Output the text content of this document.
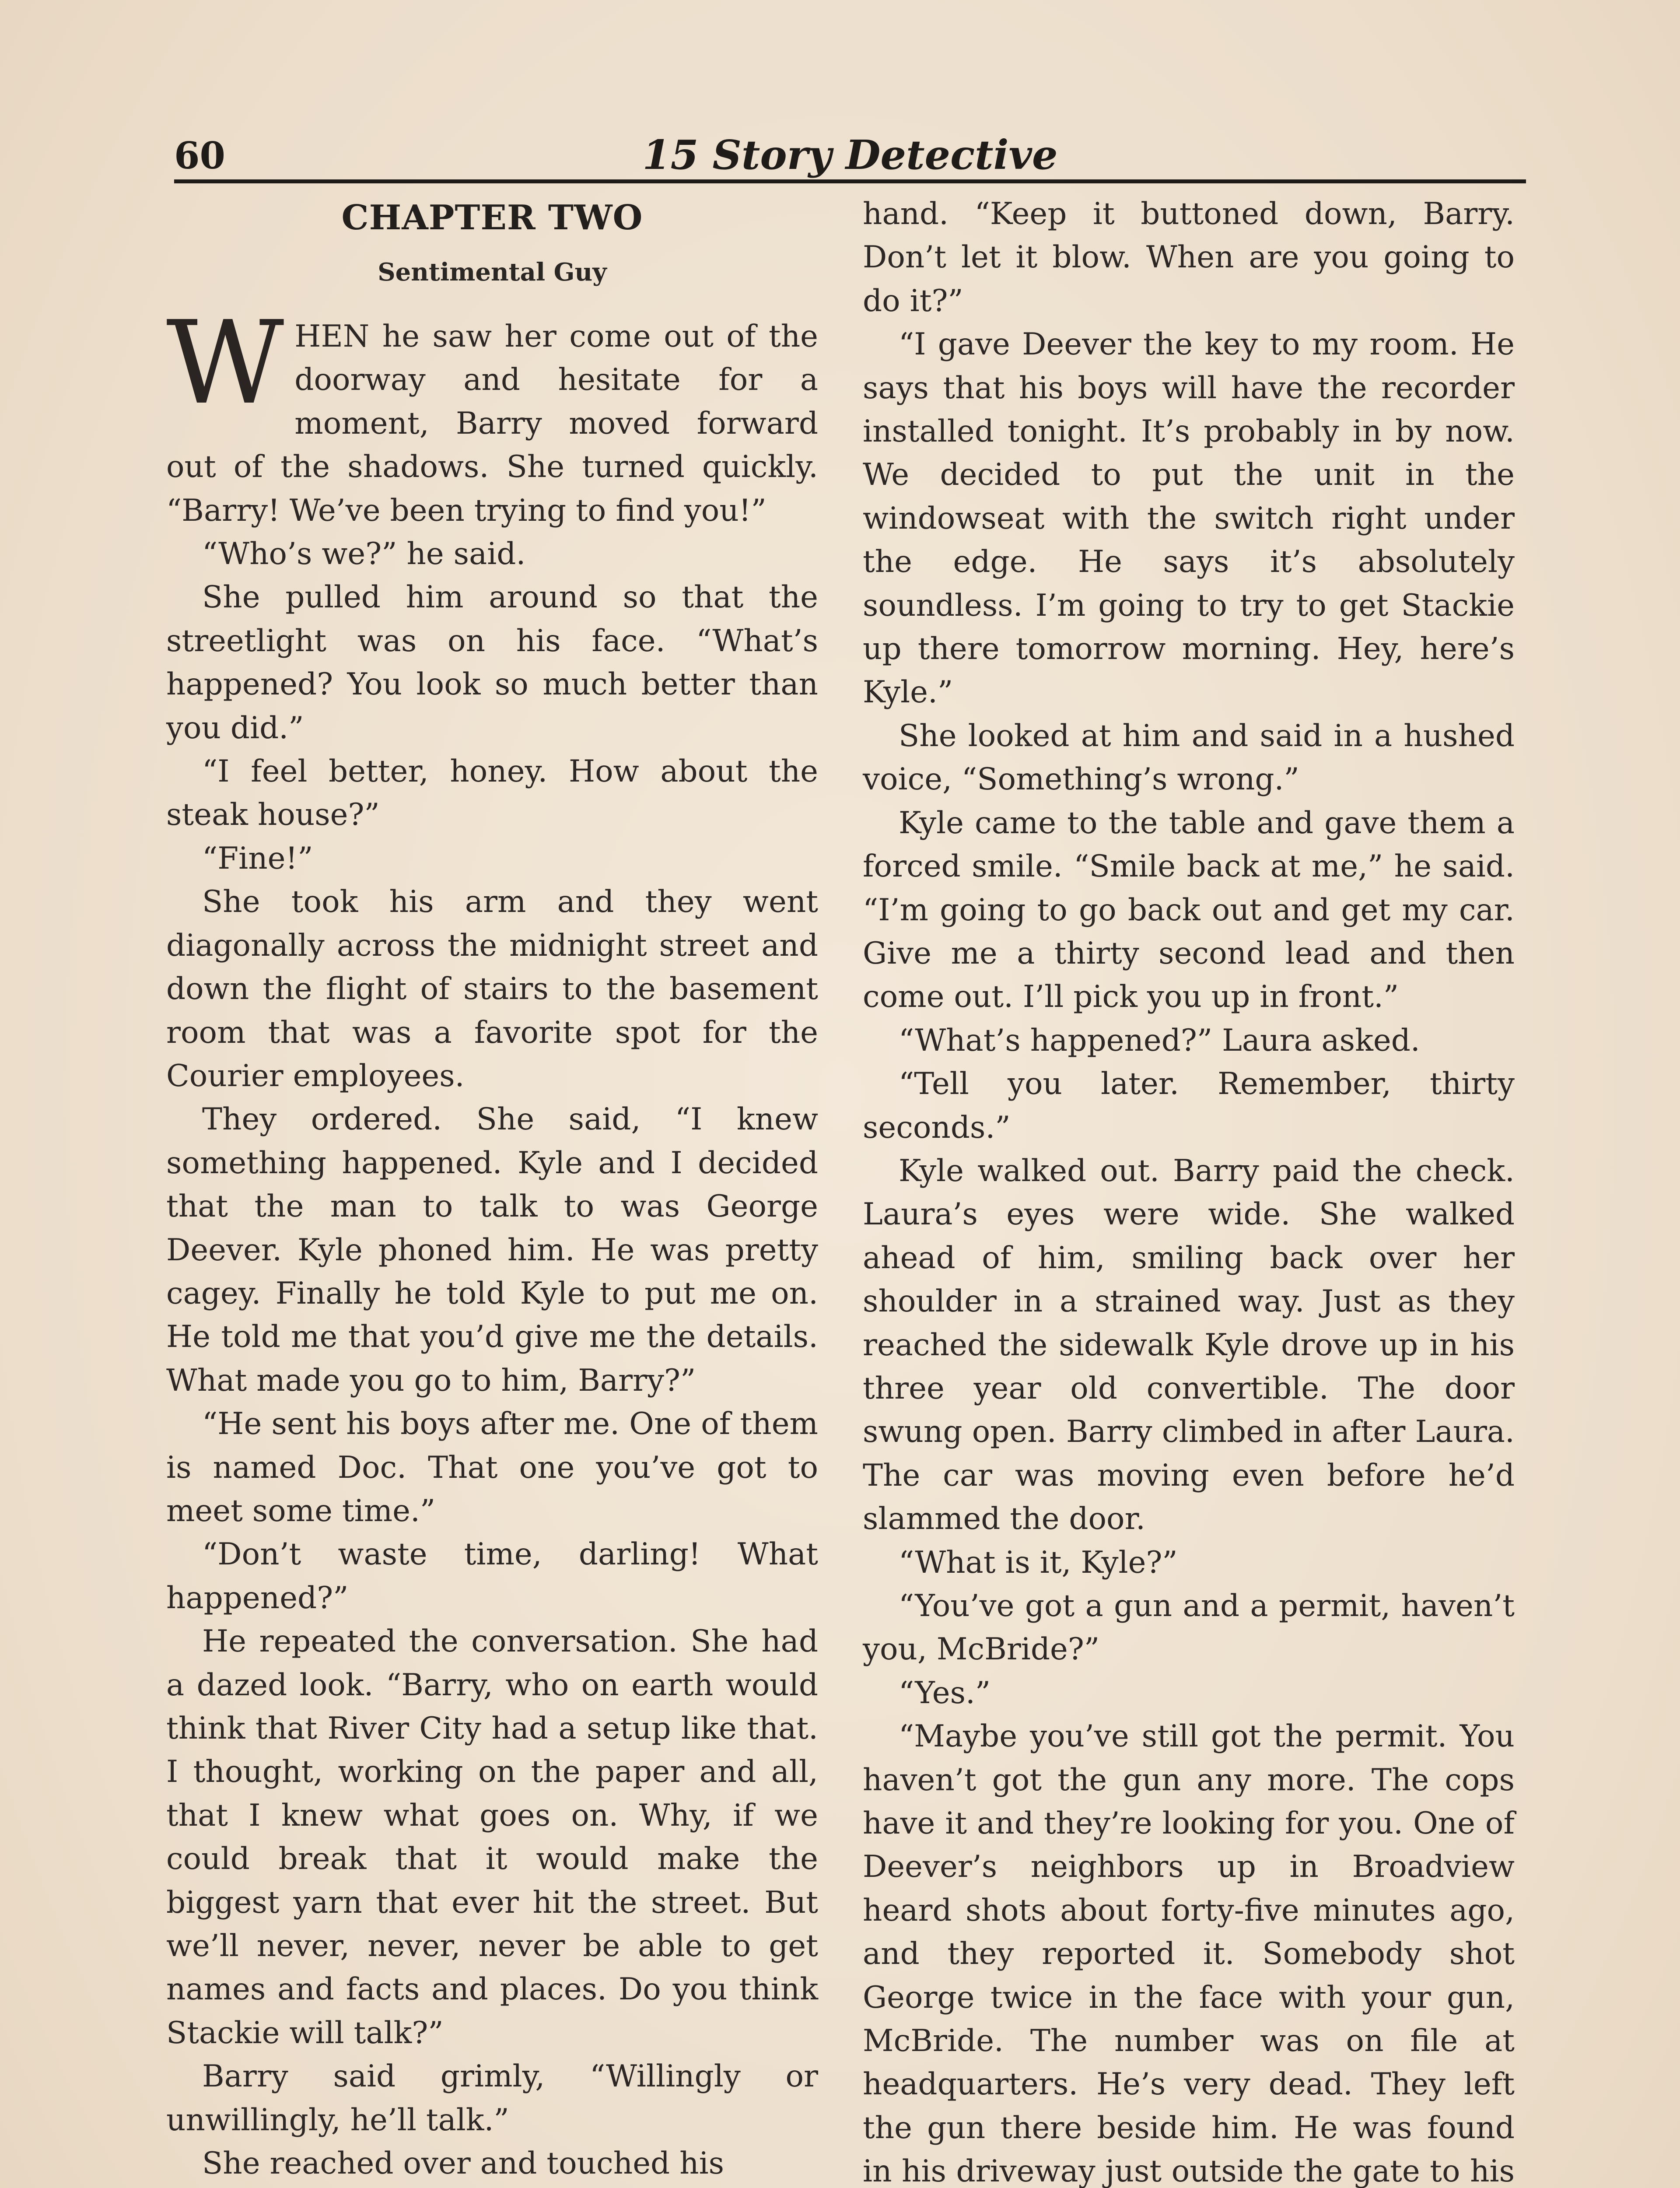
60	15 Story Detective
CHAPTER TWO
Sentimental Guy

WHEN he saw her come out of the doorway and hesitate for a moment, Barry moved forward out of the shadows. She turned quickly. “Barry! We’ve been trying to find you!”

“Who’s we?” he said.

She pulled him around so that the streetlight was on his face. “What’s happened? You look so much better than you did.”

“I feel better, honey. How about the steak house?”

“Fine!”

She took his arm and they went diagonally across the midnight street and down the flight of stairs to the basement room that was a favorite spot for the Courier employees.

They ordered. She said, “I knew something happened. Kyle and I decided that the man to talk to was George Deever. Kyle phoned him. He was pretty cagey. Finally he told Kyle to put me on. He told me that you’d give me the details. What made you go to him, Barry?”

“He sent his boys after me. One of them is named Doc. That one you’ve got to meet some time.”

“Don’t waste time, darling! What happened?”

He repeated the conversation. She had a dazed look. “Barry, who on earth would think that River City had a setup like that. I thought, working on the paper and all, that I knew what goes on. Why, if we could break that it would make the biggest yarn that ever hit the street. But we’ll never, never, never be able to get names and facts and places. Do you think Stackie will talk?”

Barry said grimly, “Willingly or unwillingly, he’ll talk.”

She reached over and touched his

hand. “Keep it buttoned down, Barry. Don’t let it blow. When are you going to do it?”

“I gave Deever the key to my room. He says that his boys will have the recorder installed tonight. It’s probably in by now. We decided to put the unit in the windowseat with the switch right under the edge. He says it’s absolutely soundless. I’m going to try to get Stackie up there tomorrow morning. Hey, here’s Kyle.”

She looked at him and said in a hushed voice, “Something’s wrong.”

Kyle came to the table and gave them a forced smile. “Smile back at me,” he said. “I’m going to go back out and get my car. Give me a thirty second lead and then come out. I’ll pick you up in front.”

“What’s happened?” Laura asked.

“Tell you later. Remember, thirty seconds.”

Kyle walked out. Barry paid the check. Laura’s eyes were wide. She walked ahead of him, smiling back over her shoulder in a strained way. Just as they reached the sidewalk Kyle drove up in his three year old convertible. The door swung open. Barry climbed in after Laura. The car was moving even before he’d slammed the door.

“What is it, Kyle?”

“You’ve got a gun and a permit, haven’t you, McBride?”

“Yes.”

“Maybe you’ve still got the permit. You haven’t got the gun any more. The cops have it and they’re looking for you. One of Deever’s neighbors up in Broadview heard shots about forty-five minutes ago, and they reported it. Somebody shot George twice in the face with your gun, McBride. The number was on file at headquarters. He’s very dead. They left the gun there beside him. He was found in his driveway just outside the gate to his
